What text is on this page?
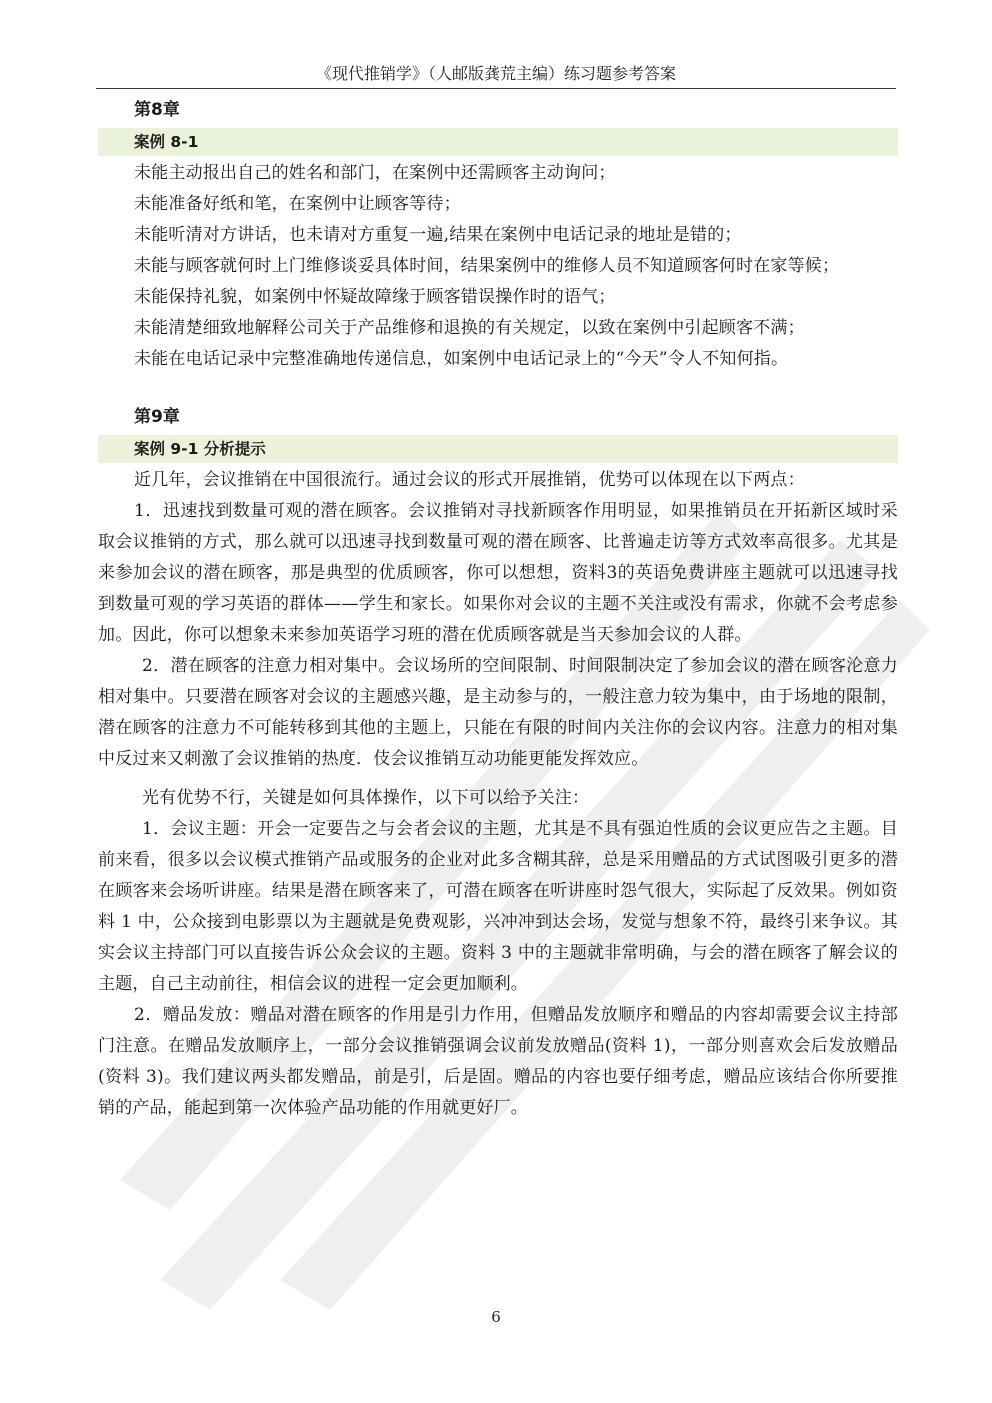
《现代推销学》（人邮版龚荒主编）练习题参考答案
第8章
案例 8-1

未能主动报出自己的姓名和部门，在案例中还需顾客主动询问；

未能准备好纸和笔，在案例中让顾客等待；

未能听清对方讲话，也未请对方重复一遍,结果在案例中电话记录的地址是错的；

未能与顾客就何时上门维修谈妥具体时间，结果案例中的维修人员不知道顾客何时在家等候；

未能保持礼貌，如案例中怀疑故障缘于顾客错误操作时的语气；

未能清楚细致地解释公司关于产品维修和退换的有关规定，以致在案例中引起顾客不满；

未能在电话记录中完整准确地传递信息，如案例中电话记录上的“今天”令人不知何指。

第9章
案例 9-1 分析提示

近几年，会议推销在中国很流行。通过会议的形式开展推销，优势可以体现在以下两点：

1．迅速找到数量可观的潜在顾客。会议推销对寻找新顾客作用明显，如果推销员在开拓新区域时采取会议推销的方式，那么就可以迅速寻找到数量可观的潜在顾客、比普遍走访等方式效率高很多。尤其是来参加会议的潜在顾客，那是典型的优质顾客，你可以想想，资料3的英语免费讲座主题就可以迅速寻找到数量可观的学习英语的群体——学生和家长。如果你对会议的主题不关注或没有需求，你就不会考虑参加。因此，你可以想象未来参加英语学习班的潜在优质顾客就是当天参加会议的人群。

2．潜在顾客的注意力相对集中。会议场所的空间限制、时间限制决定了参加会议的潜在顾客沦意力相对集中。只要潜在顾客对会议的主题感兴趣，是主动参与的，一般注意力较为集中，由于场地的限制，潜在顾客的注意力不可能转移到其他的主题上，只能在有限的时间内关注你的会议内容。注意力的相对集中反过来又刺激了会议推销的热度．伎会议推销互动功能更能发挥效应。

光有优势不行，关键是如何具体操作，以下可以给予关注：

1．会议主题：开会一定要告之与会者会议的主题，尤其是不具有强迫性质的会议更应告之主题。目前来看，很多以会议模式推销产品或服务的企业对此多含糊其辞，总是采用赠品的方式试图吸引更多的潜在顾客来会场听讲座。结果是潜在顾客来了，可潜在顾客在听讲座时怨气很大，实际起了反效果。例如资料 1 中，公众接到电影票以为主题就是免费观影，兴冲冲到达会场，发觉与想象不符，最终引来争议。其实会议主持部门可以直接告诉公众会议的主题。资料 3 中的主题就非常明确，与会的潜在顾客了解会议的主题，自己主动前往，相信会议的进程一定会更加顺利。

2．赠品发放：赠品对潜在顾客的作用是引力作用，但赠品发放顺序和赠品的内容却需要会议主持部门注意。在赠品发放顺序上，一部分会议推销强调会议前发放赠品(资料 1)，一部分则喜欢会后发放赠品(资料 3)。我们建议两头都发赠品，前是引，后是固。赠品的内容也要仔细考虑，赠品应该结合你所要推销的产品，能起到第一次体验产品功能的作用就更好厂。

6
